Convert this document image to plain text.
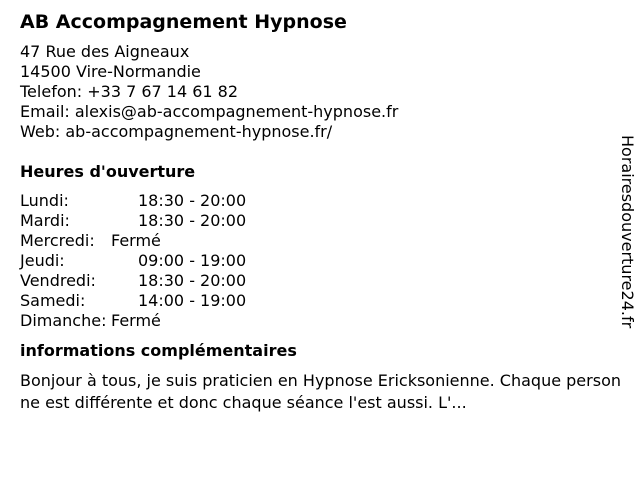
AB Accompagnement Hypnose
47 Rue des Aigneaux
14500 Vire-Normandie
Telefon: +33 7 67 14 61 82
Email: alexis@ab-accompagnement-hypnose.fr
Web: ab-accompagnement-hypnose.fr/
Heures d'ouverture
Lundi:	18:30 - 20:00
Mardi:	18:30 - 20:00
Mercredi:	Fermé
Jeudi:	09:00 - 19:00
Vendredi:	18:30 - 20:00
Samedi:	14:00 - 19:00
Dimanche:	Fermé
informations complémentaires
Bonjour à tous, je suis praticien en Hypnose Ericksonienne. Chaque personne est différente et donc chaque séance l'est aussi. L'...
Horairesdouverture24.fr
